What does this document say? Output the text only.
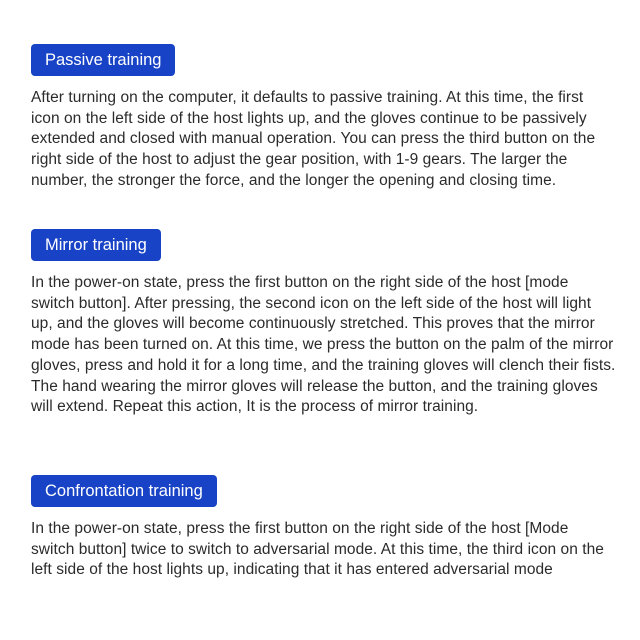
Passive training

After turning on the computer, it defaults to passive training. At this time, the first icon on the left side of the host lights up, and the gloves continue to be passively extended and closed with manual operation. You can press the third button on the right side of the host to adjust the gear position, with 1-9 gears. The larger the number, the stronger the force, and the longer the opening and closing time.

Mirror training

In the power-on state, press the first button on the right side of the host [mode switch button]. After pressing, the second icon on the left side of the host will light up, and the gloves will become continuously stretched. This proves that the mirror mode has been turned on. At this time, we press the button on the palm of the mirror gloves, press and hold it for a long time, and the training gloves will clench their fists. The hand wearing the mirror gloves will release the button, and the training gloves will extend. Repeat this action, It is the process of mirror training.

Confrontation training

In the power-on state, press the first button on the right side of the host [Mode switch button] twice to switch to adversarial mode. At this time, the third icon on the left side of the host lights up, indicating that it has entered adversarial mode
